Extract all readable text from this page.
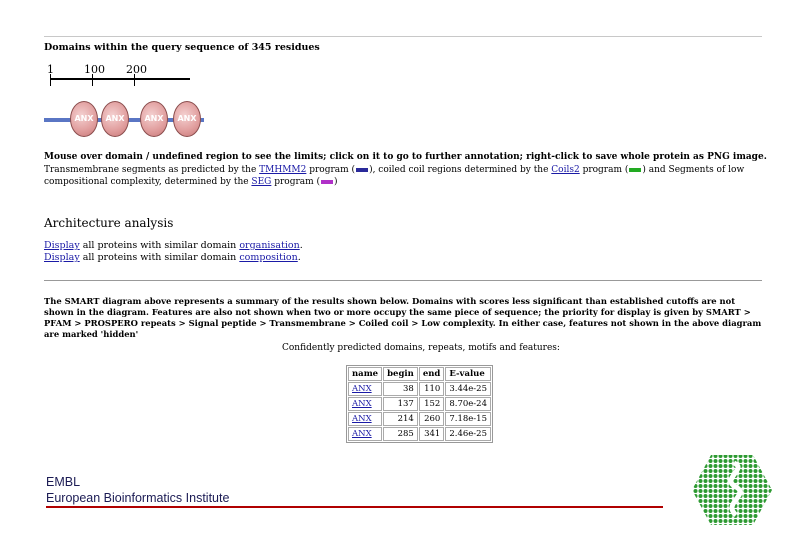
Domains within the query sequence of 345 residues
1	100 200
ANX	ANX	ANX	ANX
Mouse over domain / undefined region to see the limits; click on it to go to further annotation; right-click to save whole protein as PNG image.
Transmembrane segments as predicted by the TMHMM2 program ( ), coiled coil regions determined by the Coils2 program ( ) and Segments of low compositional complexity, determined by the SEG program ( )
Architecture analysis
Display all proteins with similar domain organisation.
Display all proteins with similar domain composition.
The SMART diagram above represents a summary of the results shown below. Domains with scores less significant than established cutoffs are not shown in the diagram. Features are also not shown when two or more occupy the same piece of sequence; the priority for display is given by SMART > PFAM > PROSPERO repeats > Signal peptide > Transmembrane > Coiled coil > Low complexity. In either case, features not shown in the above diagram are marked 'hidden'
Confidently predicted domains, repeats, motifs and features:
name	begin	end	E-value
ANX	38	110	3.44e-25
ANX	137	152	8.70e-24
ANX	214	260	7.18e-15
ANX	285	341	2.46e-25
EMBL
European Bioinformatics Institute
